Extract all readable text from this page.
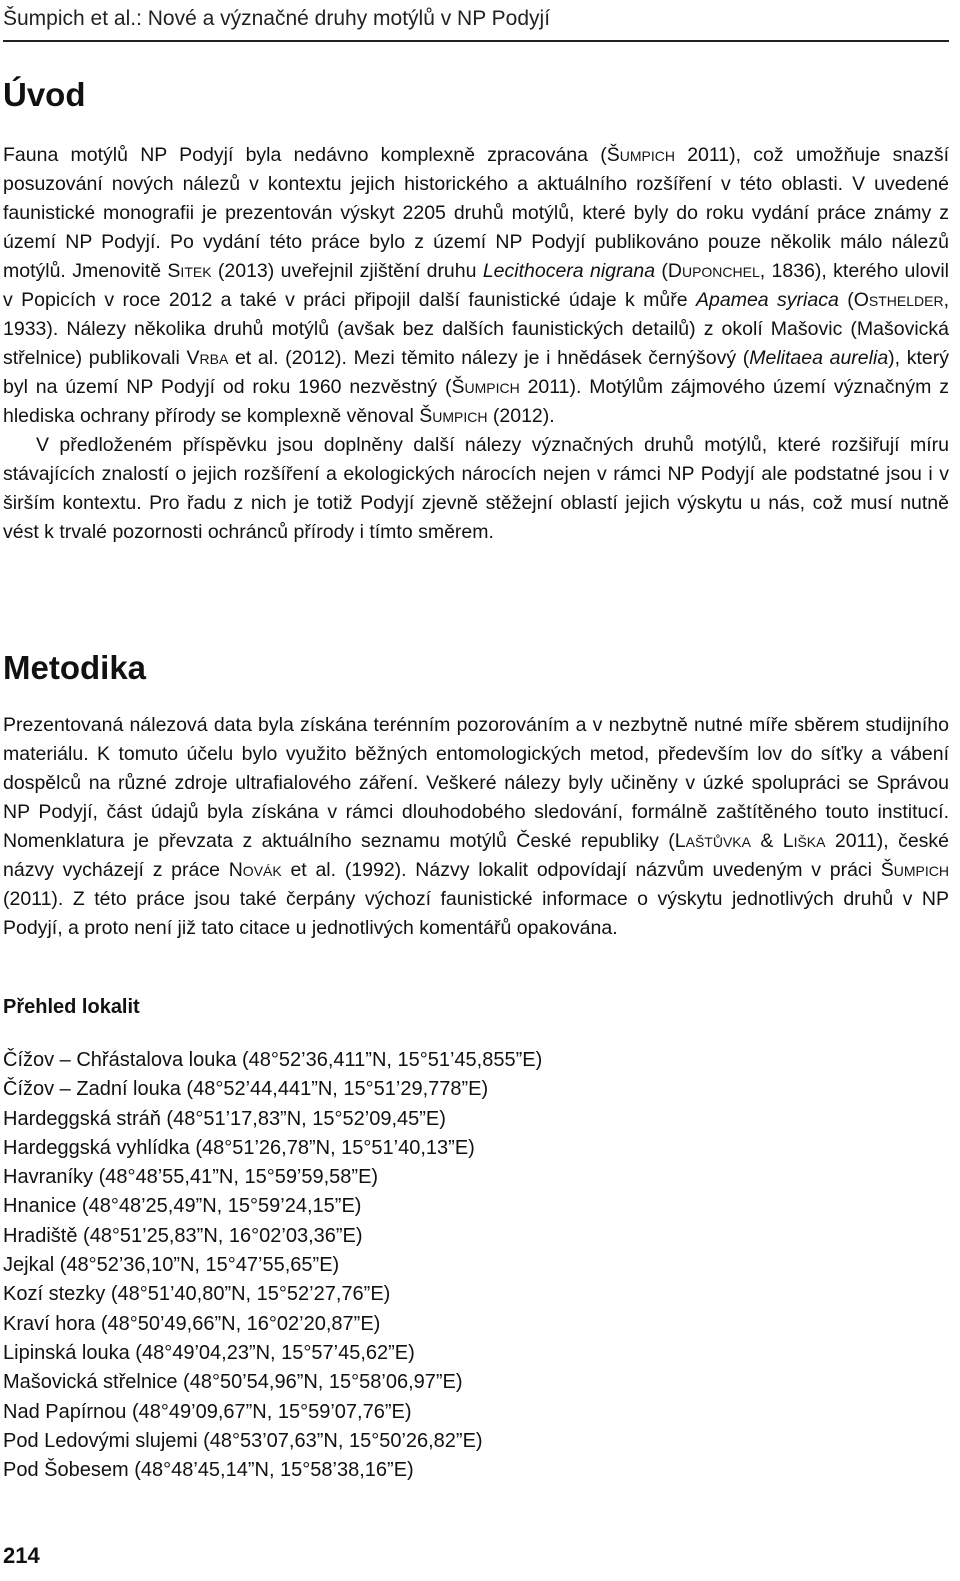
Šumpich et al.: Nové a význačné druhy motýlů v NP Podyjí
Úvod

Fauna motýlů NP Podyjí byla nedávno komplexně zpracována (Šumpich 2011), což umožňuje snazší posuzování nových nálezů v kontextu jejich historického a aktuálního rozšíření v této oblasti. V uvedené faunistické monografii je prezentován výskyt 2205 druhů motýlů, které byly do roku vydání práce známy z území NP Podyjí. Po vydání této práce bylo z území NP Podyjí publikováno pouze několik málo nálezů motýlů. Jmenovitě Sitek (2013) uveřejnil zjištění druhu Lecithocera nigrana (Duponchel, 1836), kterého ulovil v Popicích v roce 2012 a také v práci připojil další faunistické údaje k můře Apamea syriaca (Osthelder, 1933). Nálezy několika druhů motýlů (avšak bez dalších faunistických detailů) z okolí Mašovic (Mašovická střelnice) publikovali Vrba et al. (2012). Mezi těmito nálezy je i hnědásek černýšový (Melitaea aurelia), který byl na území NP Podyjí od roku 1960 nezvěstný (Šumpich 2011). Motýlům zájmového území význačným z hlediska ochrany přírody se komplexně věnoval Šumpich (2012).

V předloženém příspěvku jsou doplněny další nálezy význačných druhů motýlů, které rozšiřují míru stávajících znalostí o jejich rozšíření a ekologických nárocích nejen v rámci NP Podyjí ale podstatné jsou i v širším kontextu. Pro řadu z nich je totiž Podyjí zjevně stěžejní oblastí jejich výskytu u nás, což musí nutně vést k trvalé pozornosti ochránců přírody i tímto směrem.

Metodika

Prezentovaná nálezová data byla získána terénním pozorováním a v nezbytně nutné míře sběrem studijního materiálu. K tomuto účelu bylo využito běžných entomologických metod, především lov do síťky a vábení dospělců na různé zdroje ultrafialového záření. Veškeré nálezy byly učiněny v úzké spolupráci se Správou NP Podyjí, část údajů byla získána v rámci dlouhodobého sledování, formálně zaštítěného touto institucí. Nomenklatura je převzata z aktuálního seznamu motýlů České republiky (Laštůvka & Liška 2011), české názvy vycházejí z práce Novák et al. (1992). Názvy lokalit odpovídají názvům uvedeným v práci Šumpich (2011). Z této práce jsou také čerpány výchozí faunistické informace o výskytu jednotlivých druhů v NP Podyjí, a proto není již tato citace u jednotlivých komentářů opakována.

Přehled lokalit
Čížov – Chřástalova louka (48°52’36,411”N, 15°51’45,855”E)
Čížov – Zadní louka (48°52’44,441”N, 15°51’29,778”E)
Hardeggská stráň (48°51’17,83”N, 15°52’09,45”E)
Hardeggská vyhlídka (48°51’26,78”N, 15°51’40,13”E)
Havraníky (48°48’55,41”N, 15°59’59,58”E)
Hnanice (48°48’25,49”N, 15°59’24,15”E)
Hradiště (48°51’25,83”N, 16°02’03,36”E)
Jejkal (48°52’36,10”N, 15°47’55,65”E)
Kozí stezky (48°51’40,80”N, 15°52’27,76”E)
Kraví hora (48°50’49,66”N, 16°02’20,87”E)
Lipinská louka (48°49’04,23”N, 15°57’45,62”E)
Mašovická střelnice (48°50’54,96”N, 15°58’06,97”E)
Nad Papírnou (48°49’09,67”N, 15°59’07,76”E)
Pod Ledovými slujemi (48°53’07,63”N, 15°50’26,82”E)
Pod Šobesem (48°48’45,14”N, 15°58’38,16”E)
214
